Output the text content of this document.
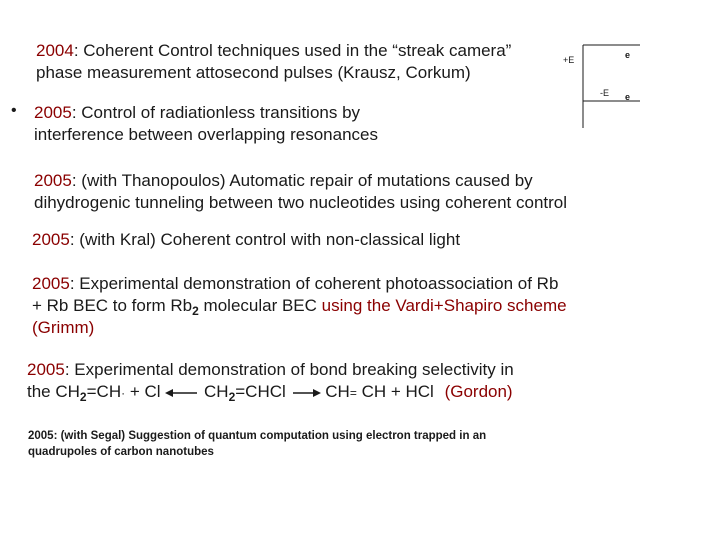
2004: Coherent Control techniques used in the “streak camera” phase measurement attosecond pulses (Krausz, Corkum)

• 2005: Control of radiationless transitions by interference between overlapping resonances

2005: (with Thanopoulos) Automatic repair of mutations caused by dihydrogenic tunneling between two nucleotides using coherent control

2005: (with Kral) Coherent control with non-classical light

2005: Experimental demonstration of coherent photoassociation of Rb + Rb BEC to form $Rb_2$ molecular BEC using the Vardi+Shapiro scheme (Grimm)

2005: Experimental demonstration of bond breaking selectivity in
the $CH_2=CH\cdot + Cl$	$CH_2=CHCl$ CH= CH + HCl (Gordon)

2005: (with Segal) Suggestion of quantum computation using electron trapped in an quadrupoles of carbon nanotubes

+E
-E
e
e
